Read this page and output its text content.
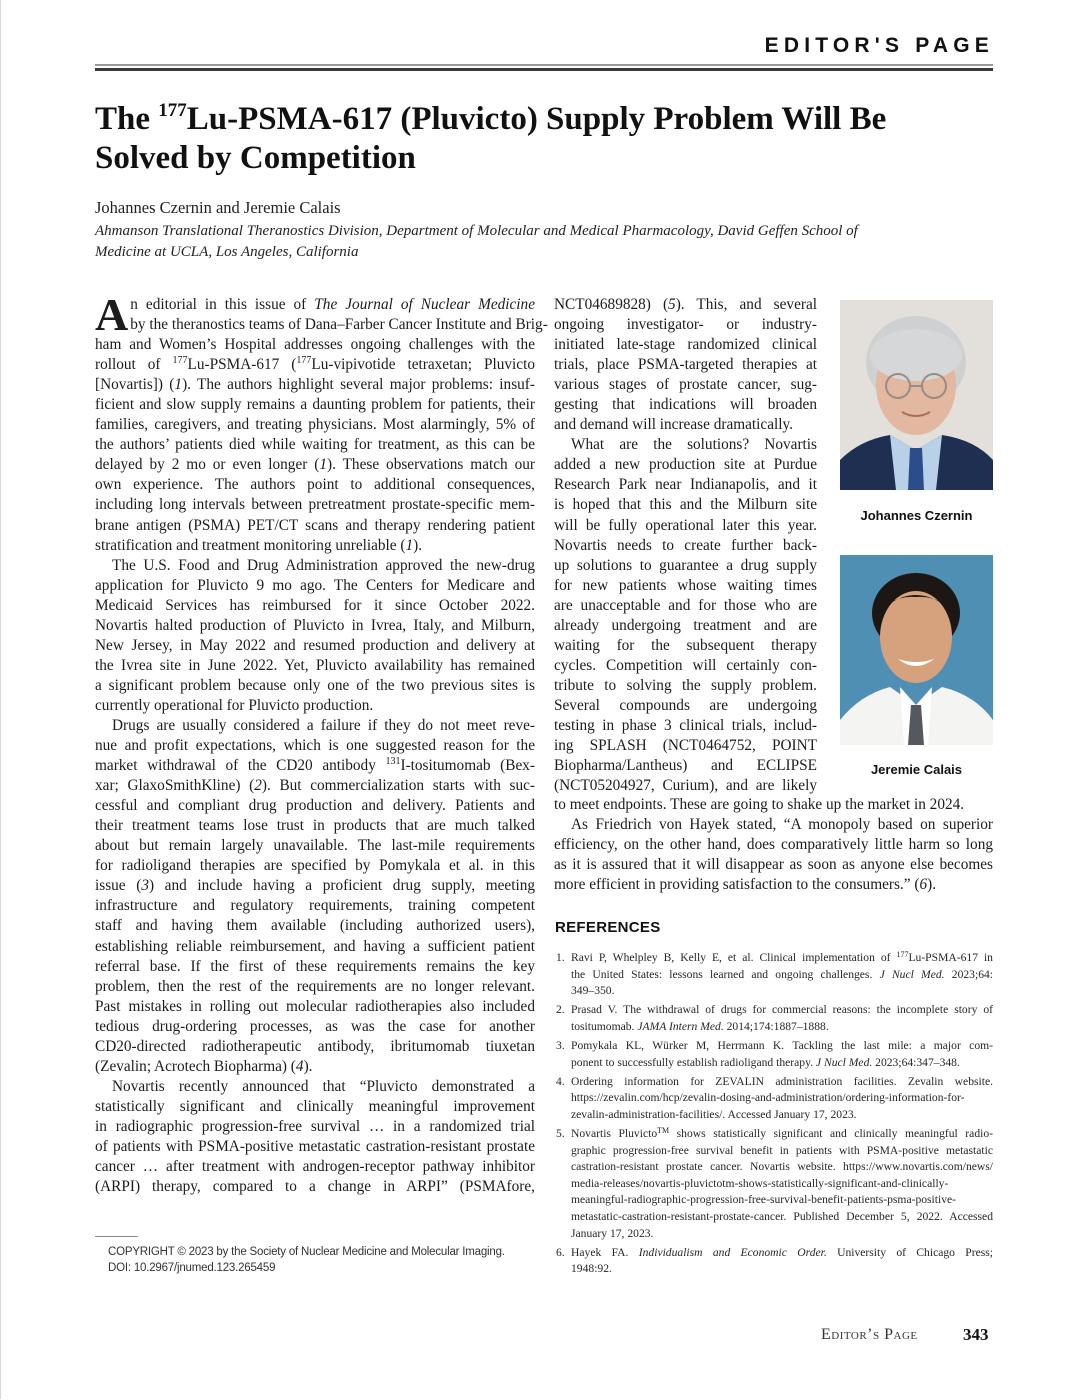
EDITOR'S PAGE
The $^{177}$Lu-PSMA-617 (Pluvicto) Supply Problem Will Be
Solved by Competition
Johannes Czernin and Jeremie Calais
Ahmanson Translational Theranostics Division, Department of Molecular and Medical Pharmacology, David Geffen School of
Medicine at UCLA, Los Angeles, California
A n editorial in this issue of The Journal of Nuclear Medicine
by the theranostics teams of Dana–Farber Cancer Institute and Brig-
ham and Women’s Hospital addresses ongoing challenges with the
rollout of $^{177}$Lu-PSMA-617 ($^{177}$Lu-vipivotide tetraxetan; Pluvicto
[Novartis]) (1). The authors highlight several major problems: insuf-
ficient and slow supply remains a daunting problem for patients, their
families, caregivers, and treating physicians. Most alarmingly, 5% of
the authors’ patients died while waiting for treatment, as this can be
delayed by 2 mo or even longer (1). These observations match our
own experience. The authors point to additional consequences,
including long intervals between pretreatment prostate-specific mem-
brane antigen (PSMA) PET/CT scans and therapy rendering patient
stratification and treatment monitoring unreliable (1).
The U.S. Food and Drug Administration approved the new-drug
application for Pluvicto 9 mo ago. The Centers for Medicare and
Medicaid Services has reimbursed for it since October 2022.
Novartis halted production of Pluvicto in Ivrea, Italy, and Milburn,
New Jersey, in May 2022 and resumed production and delivery at
the Ivrea site in June 2022. Yet, Pluvicto availability has remained
a significant problem because only one of the two previous sites is
currently operational for Pluvicto production.
Drugs are usually considered a failure if they do not meet reve-
nue and profit expectations, which is one suggested reason for the
market withdrawal of the CD20 antibody $^{131}$I-tositumomab (Bex-
xar; GlaxoSmithKline) (2). But commercialization starts with suc-
cessful and compliant drug production and delivery. Patients and
their treatment teams lose trust in products that are much talked
about but remain largely unavailable. The last-mile requirements
for radioligand therapies are specified by Pomykala et al. in this
issue (3) and include having a proficient drug supply, meeting
infrastructure and regulatory requirements, training competent
staff and having them available (including authorized users),
establishing reliable reimbursement, and having a sufficient patient
referral base. If the first of these requirements remains the key
problem, then the rest of the requirements are no longer relevant.
Past mistakes in rolling out molecular radiotherapies also included
tedious drug-ordering processes, as was the case for another
CD20-directed radiotherapeutic antibody, ibritumomab tiuxetan
(Zevalin; Acrotech Biopharma) (4).
Novartis recently announced that “Pluvicto demonstrated a
statistically significant and clinically meaningful improvement
in radiographic progression-free survival … in a randomized trial
of patients with PSMA-positive metastatic castration-resistant prostate
cancer … after treatment with androgen-receptor pathway inhibitor
(ARPI) therapy, compared to a change in ARPI” (PSMAfore,
NCT04689828) (5). This, and several
ongoing investigator- or industry-
initiated late-stage randomized clinical
trials, place PSMA-targeted therapies at
various stages of prostate cancer, sug-
gesting that indications will broaden
and demand will increase dramatically.
What are the solutions? Novartis
added a new production site at Purdue
Research Park near Indianapolis, and it
is hoped that this and the Milburn site
will be fully operational later this year.
Novartis needs to create further back-
up solutions to guarantee a drug supply
for new patients whose waiting times
are unacceptable and for those who are
already undergoing treatment and are
waiting for the subsequent therapy
cycles. Competition will certainly con-
tribute to solving the supply problem.
Several compounds are undergoing
testing in phase 3 clinical trials, includ-
ing SPLASH (NCT0464752, POINT
Biopharma/Lantheus) and ECLIPSE
(NCT05204927, Curium), and are likely
to meet endpoints. These are going to shake up the market in 2024.
As Friedrich von Hayek stated, “A monopoly based on superior
efficiency, on the other hand, does comparatively little harm so long
as it is assured that it will disappear as soon as anyone else becomes
more efficient in providing satisfaction to the consumers.” (6).
Johannes Czernin
Jeremie Calais
REFERENCES
1. Ravi P, Whelpley B, Kelly E, et al. Clinical implementation of $^{177}$Lu-PSMA-617 in
the United States: lessons learned and ongoing challenges. J Nucl Med. 2023;64:
349–350.
2. Prasad V. The withdrawal of drugs for commercial reasons: the incomplete story of
tositumomab. JAMA Intern Med. 2014;174:1887–1888.
3. Pomykala KL, Würker M, Herrmann K. Tackling the last mile: a major com-
ponent to successfully establish radioligand therapy. J Nucl Med. 2023;64:347–348.
4. Ordering information for ZEVALIN administration facilities. Zevalin website.
https://zevalin.com/hcp/zevalin-dosing-and-administration/ordering-information-for-
zevalin-administration-facilities/. Accessed January 17, 2023.
5. Novartis Pluvicto™ shows statistically significant and clinically meaningful radio-
graphic progression-free survival benefit in patients with PSMA-positive metastatic
castration-resistant prostate cancer. Novartis website. https://www.novartis.com/news/
media-releases/novartis-pluvictotm-shows-statistically-significant-and-clinically-
meaningful-radiographic-progression-free-survival-benefit-patients-psma-positive-
metastatic-castration-resistant-prostate-cancer. Published December 5, 2022. Accessed
January 17, 2023.
6. Hayek FA. Individualism and Economic Order. University of Chicago Press;
1948:92.
COPYRIGHT © 2023 by the Society of Nuclear Medicine and Molecular Imaging.
DOI: 10.2967/jnumed.123.265459
Editor’s Page	343
